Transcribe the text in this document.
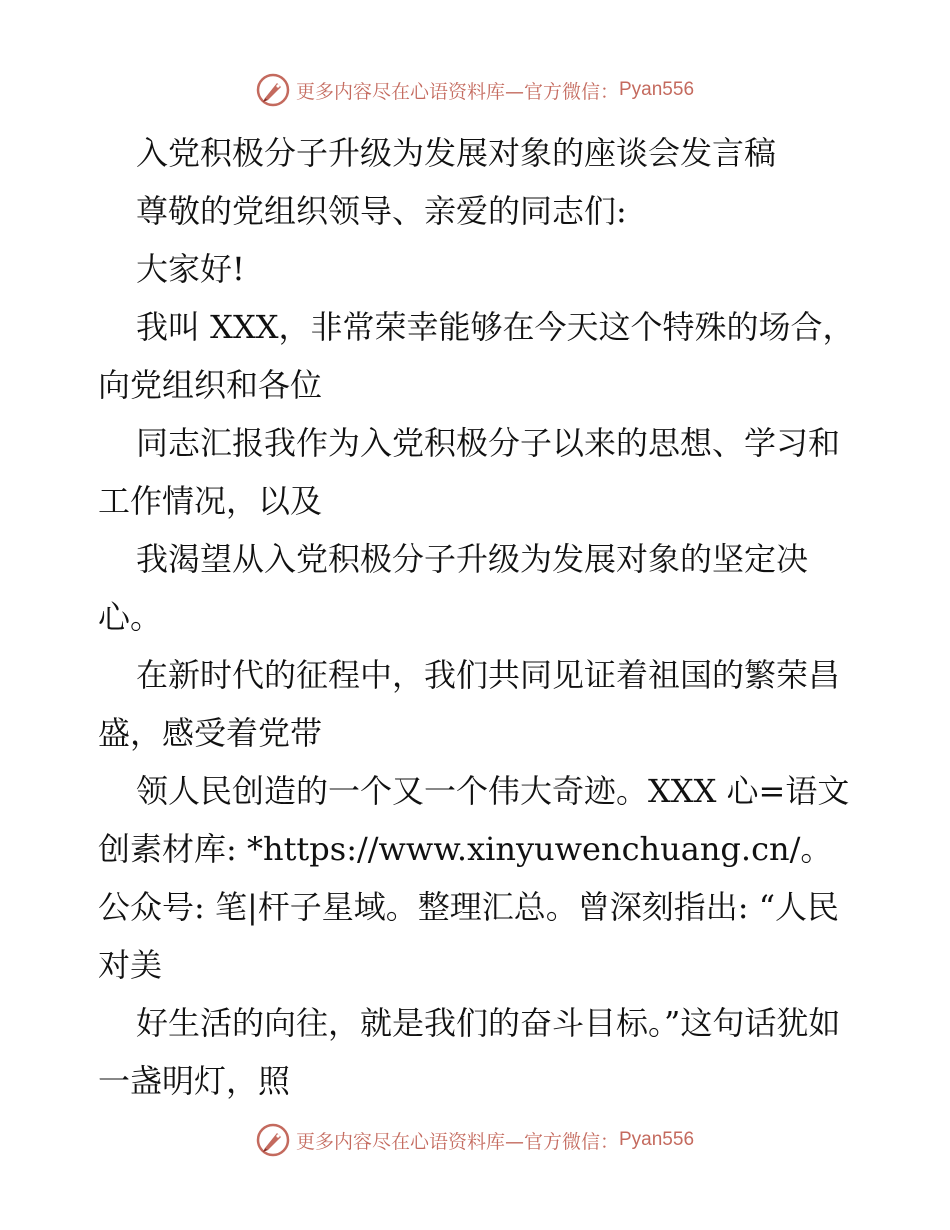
更多内容尽在心语资料库—官方微信： Pyan556

入党积极分子升级为发展对象的座谈会发言稿

尊敬的党组织领导、亲爱的同志们:

大家好!

我叫 XXX，非常荣幸能够在今天这个特殊的场合，向党组织和各位

同志汇报我作为入党积极分子以来的思想、学习和工作情况，以及

我渴望从入党积极分子升级为发展对象的坚定决心。

在新时代的征程中，我们共同见证着祖国的繁荣昌盛，感受着党带

领人民创造的一个又一个伟大奇迹。XXX 心=语文创素材库: *https://www.xinyuwenchuang.cn/。公众号: 笔|杆子星域。整理汇总。曾深刻指出: “人民对美

好生活的向往，就是我们的奋斗目标。”这句话犹如一盏明灯，照

更多内容尽在心语资料库—官方微信： Pyan556
